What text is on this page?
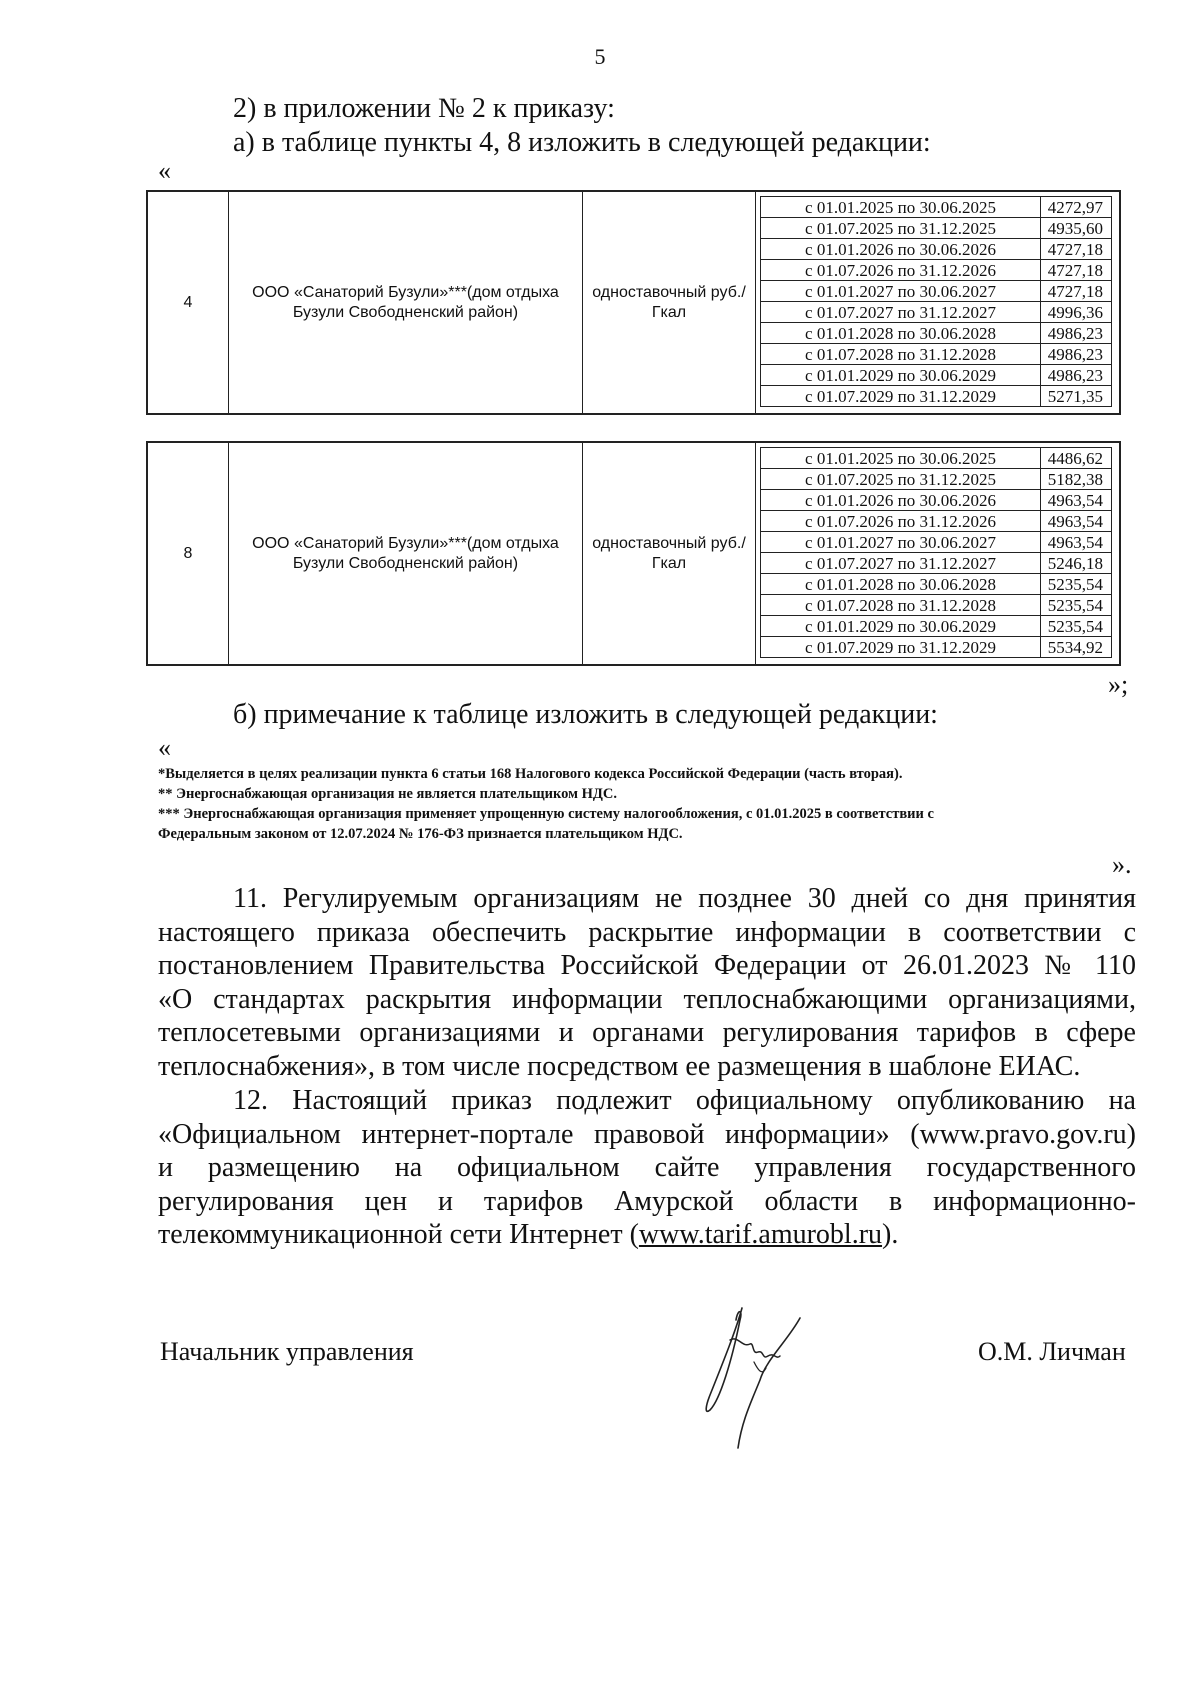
5
2) в приложении № 2 к приказу:
а) в таблице пункты 4, 8 изложить в следующей редакции:
«
4	ООО «Санаторий Бузули»***(дом отдыха Бузули Свободненский район)	одноставочный руб./Гкал	
с 01.01.2025 по 30.06.2025	4272,97
с 01.07.2025 по 31.12.2025	4935,60
с 01.01.2026 по 30.06.2026	4727,18
с 01.07.2026 по 31.12.2026	4727,18
с 01.01.2027 по 30.06.2027	4727,18
с 01.07.2027 по 31.12.2027	4996,36
с 01.01.2028 по 30.06.2028	4986,23
с 01.07.2028 по 31.12.2028	4986,23
с 01.01.2029 по 30.06.2029	4986,23
с 01.07.2029 по 31.12.2029	5271,35
8	ООО «Санаторий Бузули»***(дом отдыха Бузули Свободненский район)	одноставочный руб./Гкал	
с 01.01.2025 по 30.06.2025	4486,62
с 01.07.2025 по 31.12.2025	5182,38
с 01.01.2026 по 30.06.2026	4963,54
с 01.07.2026 по 31.12.2026	4963,54
с 01.01.2027 по 30.06.2027	4963,54
с 01.07.2027 по 31.12.2027	5246,18
с 01.01.2028 по 30.06.2028	5235,54
с 01.07.2028 по 31.12.2028	5235,54
с 01.01.2029 по 30.06.2029	5235,54
с 01.07.2029 по 31.12.2029	5534,92
»;
б) примечание к таблице изложить в следующей редакции:
«
*Выделяется в целях реализации пункта 6 статьи 168 Налогового кодекса Российской Федерации (часть вторая).
** Энергоснабжающая организация не является плательщиком НДС.
*** Энергоснабжающая организация применяет упрощенную систему налогообложения, с 01.01.2025 в соответствии с
Федеральным законом от 12.07.2024 № 176-ФЗ признается плательщиком НДС.
».
11. Регулируемым организациям не позднее 30 дней со дня принятия
настоящего приказа обеспечить раскрытие информации в соответствии с
постановлением Правительства Российской Федерации от 26.01.2023 № 110
«О стандартах раскрытия информации теплоснабжающими организациями,
теплосетевыми организациями и органами регулирования тарифов в сфере
теплоснабжения», в том числе посредством ее размещения в шаблоне ЕИАС.
12. Настоящий приказ подлежит официальному опубликованию на
«Официальном интернет-портале правовой информации» (www.pravo.gov.ru)
и размещению на официальном сайте управления государственного
регулирования цен и тарифов Амурской области в информационно-
телекоммуникационной сети Интернет (www.tarif.amurobl.ru).
Начальник управления	О.М. Личман
